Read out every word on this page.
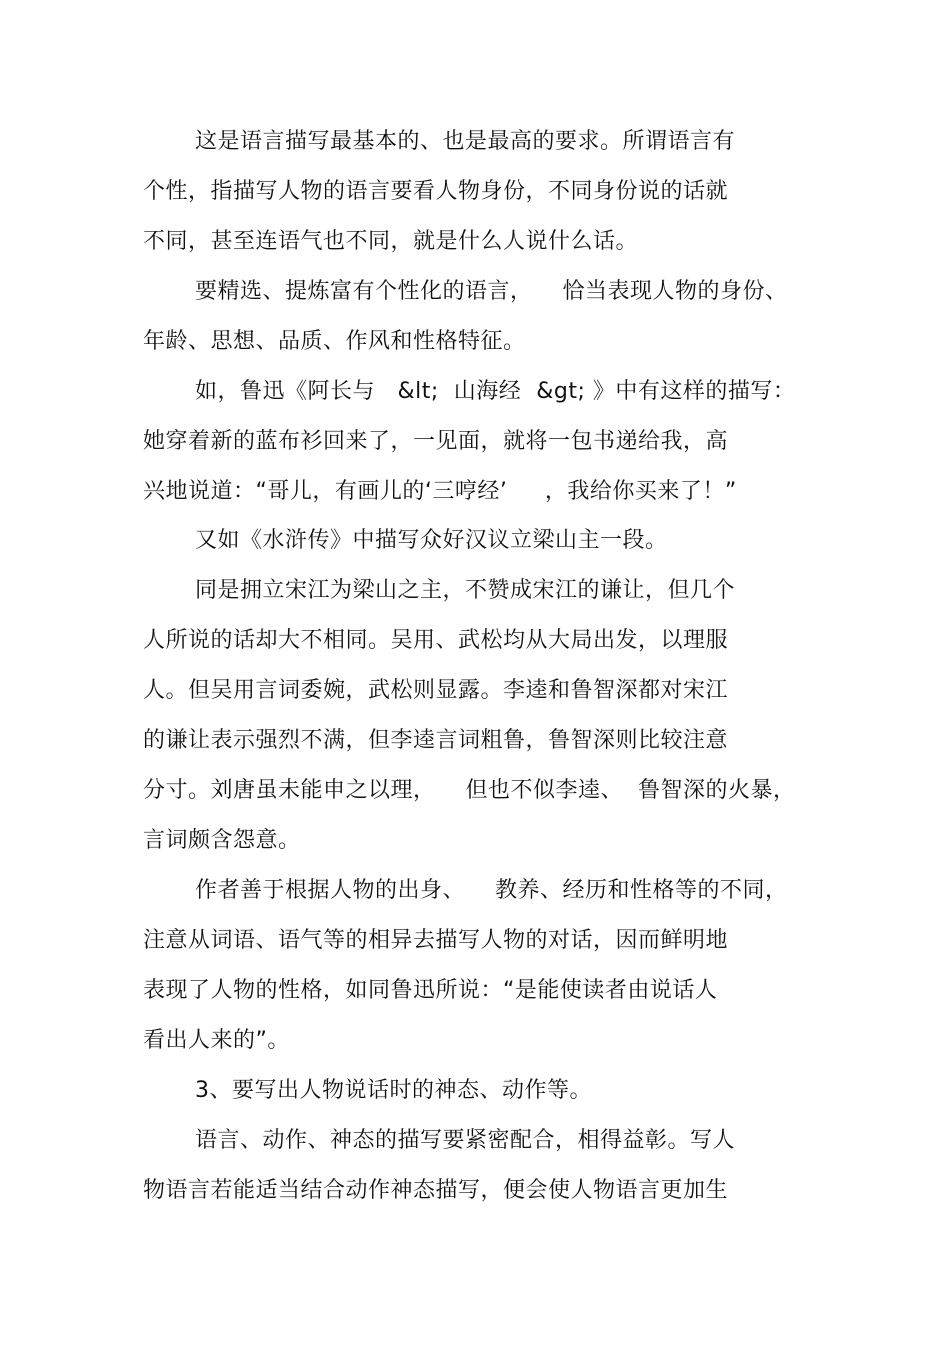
这是语言描写最基本的、也是最高的要求。所谓语言有
个性，指描写人物的语言要看人物身份，不同身份说的话就
不同，甚至连语气也不同，就是什么人说什么话。
要精选、提炼富有个性化的语言，    恰当表现人物的身份、
年龄、思想、品质、作风和性格特征。
如，鲁迅《阿长与   &lt;  山海经  &gt; 》中有这样的描写：
她穿着新的蓝布衫回来了，一见面，就将一包书递给我，高
兴地说道：“哥儿，有画儿的‘三哼经’     ，我给你买来了！”
又如《水浒传》中描写众好汉议立梁山主一段。
同是拥立宋江为梁山之主，不赞成宋江的谦让，但几个
人所说的话却大不相同。吴用、武松均从大局出发，以理服
人。但吴用言词委婉，武松则显露。李逵和鲁智深都对宋江
的谦让表示强烈不满，但李逵言词粗鲁，鲁智深则比较注意
分寸。刘唐虽未能申之以理，    但也不似李逵、  鲁智深的火暴，
言词颇含怨意。
作者善于根据人物的出身、    教养、经历和性格等的不同，
注意从词语、语气等的相异去描写人物的对话，因而鲜明地
表现了人物的性格，如同鲁迅所说：“是能使读者由说话人
看出人来的”。
3、要写出人物说话时的神态、动作等。
语言、动作、神态的描写要紧密配合，相得益彰。写人
物语言若能适当结合动作神态描写，便会使人物语言更加生
